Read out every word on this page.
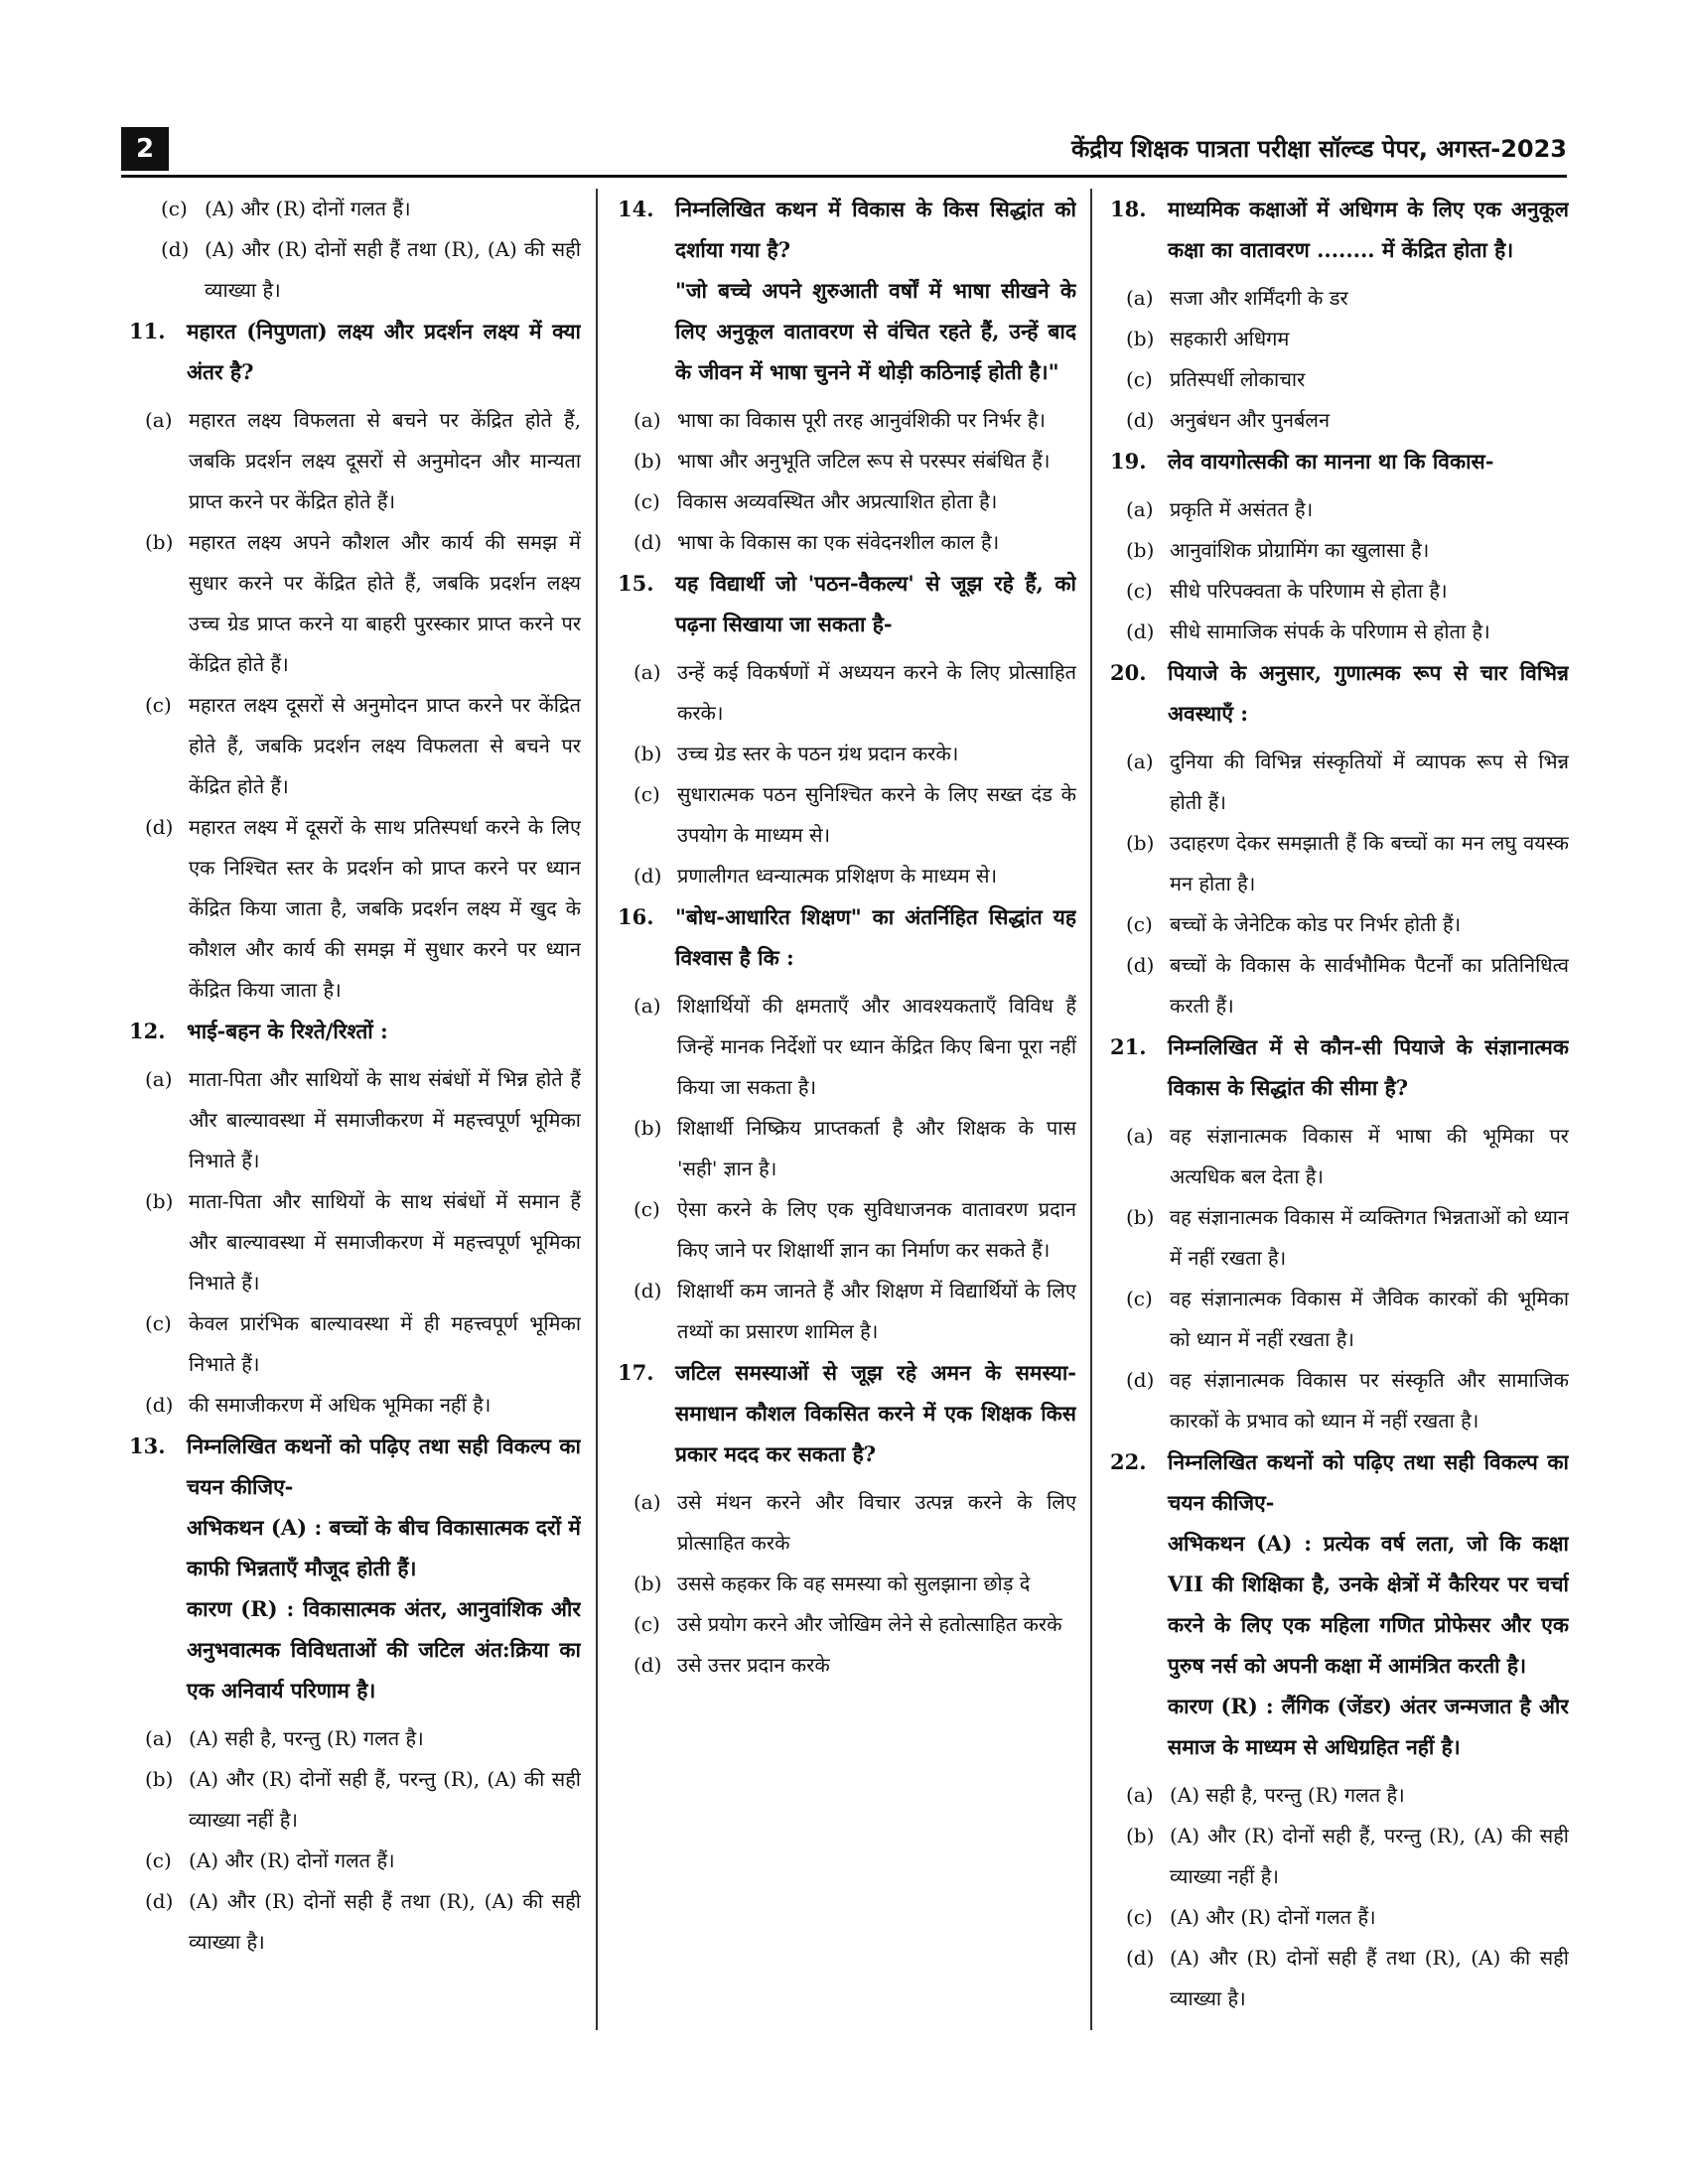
2	केंद्रीय शिक्षक पात्रता परीक्षा सॉल्व्ड पेपर, अगस्त-2023
(c) (A) और (R) दोनों गलत हैं।
(d) (A) और (R) दोनों सही हैं तथा (R), (A) की सही व्याख्या है।
11. महारत (निपुणता) लक्ष्य और प्रदर्शन लक्ष्य में क्या अंतर है?
(a) महारत लक्ष्य विफलता से बचने पर केंद्रित होते हैं, जबकि प्रदर्शन लक्ष्य दूसरों से अनुमोदन और मान्यता प्राप्त करने पर केंद्रित होते हैं।
(b) महारत लक्ष्य अपने कौशल और कार्य की समझ में सुधार करने पर केंद्रित होते हैं, जबकि प्रदर्शन लक्ष्य उच्च ग्रेड प्राप्त करने या बाहरी पुरस्कार प्राप्त करने पर केंद्रित होते हैं।
(c) महारत लक्ष्य दूसरों से अनुमोदन प्राप्त करने पर केंद्रित होते हैं, जबकि प्रदर्शन लक्ष्य विफलता से बचने पर केंद्रित होते हैं।
(d) महारत लक्ष्य में दूसरों के साथ प्रतिस्पर्धा करने के लिए एक निश्चित स्तर के प्रदर्शन को प्राप्त करने पर ध्यान केंद्रित किया जाता है, जबकि प्रदर्शन लक्ष्य में खुद के कौशल और कार्य की समझ में सुधार करने पर ध्यान केंद्रित किया जाता है।
12. भाई-बहन के रिश्ते/रिश्तों :
(a) माता-पिता और साथियों के साथ संबंधों में भिन्न होते हैं और बाल्यावस्था में समाजीकरण में महत्त्वपूर्ण भूमिका निभाते हैं।
(b) माता-पिता और साथियों के साथ संबंधों में समान हैं और बाल्यावस्था में समाजीकरण में महत्त्वपूर्ण भूमिका निभाते हैं।
(c) केवल प्रारंभिक बाल्यावस्था में ही महत्त्वपूर्ण भूमिका निभाते हैं।
(d) की समाजीकरण में अधिक भूमिका नहीं है।
13. निम्नलिखित कथनों को पढ़िए तथा सही विकल्प का चयन कीजिए-
अभिकथन (A) : बच्चों के बीच विकासात्मक दरों में काफी भिन्नताएँ मौजूद होती हैं।
कारण (R) : विकासात्मक अंतर, आनुवांशिक और अनुभवात्मक विविधताओं की जटिल अंत:क्रिया का एक अनिवार्य परिणाम है।
(a) (A) सही है, परन्तु (R) गलत है।
(b) (A) और (R) दोनों सही हैं, परन्तु (R), (A) की सही व्याख्या नहीं है।
(c) (A) और (R) दोनों गलत हैं।
(d) (A) और (R) दोनों सही हैं तथा (R), (A) की सही व्याख्या है।
14. निम्नलिखित कथन में विकास के किस सिद्धांत को दर्शाया गया है?
"जो बच्चे अपने शुरुआती वर्षों में भाषा सीखने के लिए अनुकूल वातावरण से वंचित रहते हैं, उन्हें बाद के जीवन में भाषा चुनने में थोड़ी कठिनाई होती है।"
(a) भाषा का विकास पूरी तरह आनुवंशिकी पर निर्भर है।
(b) भाषा और अनुभूति जटिल रूप से परस्पर संबंधित हैं।
(c) विकास अव्यवस्थित और अप्रत्याशित होता है।
(d) भाषा के विकास का एक संवेदनशील काल है।
15. यह विद्यार्थी जो 'पठन-वैकल्य' से जूझ रहे हैं, को पढ़ना सिखाया जा सकता है-
(a) उन्हें कई विकर्षणों में अध्ययन करने के लिए प्रोत्साहित करके।
(b) उच्च ग्रेड स्तर के पठन ग्रंथ प्रदान करके।
(c) सुधारात्मक पठन सुनिश्चित करने के लिए सख्त दंड के उपयोग के माध्यम से।
(d) प्रणालीगत ध्वन्यात्मक प्रशिक्षण के माध्यम से।
16. "बोध-आधारित शिक्षण" का अंतर्निहित सिद्धांत यह विश्वास है कि :
(a) शिक्षार्थियों की क्षमताएँ और आवश्यकताएँ विविध हैं जिन्हें मानक निर्देशों पर ध्यान केंद्रित किए बिना पूरा नहीं किया जा सकता है।
(b) शिक्षार्थी निष्क्रिय प्राप्तकर्ता है और शिक्षक के पास 'सही' ज्ञान है।
(c) ऐसा करने के लिए एक सुविधाजनक वातावरण प्रदान किए जाने पर शिक्षार्थी ज्ञान का निर्माण कर सकते हैं।
(d) शिक्षार्थी कम जानते हैं और शिक्षण में विद्यार्थियों के लिए तथ्यों का प्रसारण शामिल है।
17. जटिल समस्याओं से जूझ रहे अमन के समस्या-समाधान कौशल विकसित करने में एक शिक्षक किस प्रकार मदद कर सकता है?
(a) उसे मंथन करने और विचार उत्पन्न करने के लिए प्रोत्साहित करके
(b) उससे कहकर कि वह समस्या को सुलझाना छोड़ दे
(c) उसे प्रयोग करने और जोखिम लेने से हतोत्साहित करके
(d) उसे उत्तर प्रदान करके
18. माध्यमिक कक्षाओं में अधिगम के लिए एक अनुकूल कक्षा का वातावरण ........ में केंद्रित होता है।
(a) सजा और शर्मिंदगी के डर
(b) सहकारी अधिगम
(c) प्रतिस्पर्धी लोकाचार
(d) अनुबंधन और पुनर्बलन
19. लेव वायगोत्सकी का मानना था कि विकास-
(a) प्रकृति में असंतत है।
(b) आनुवांशिक प्रोग्रामिंग का खुलासा है।
(c) सीधे परिपक्वता के परिणाम से होता है।
(d) सीधे सामाजिक संपर्क के परिणाम से होता है।
20. पियाजे के अनुसार, गुणात्मक रूप से चार विभिन्न अवस्थाएँ :
(a) दुनिया की विभिन्न संस्कृतियों में व्यापक रूप से भिन्न होती हैं।
(b) उदाहरण देकर समझाती हैं कि बच्चों का मन लघु वयस्क मन होता है।
(c) बच्चों के जेनेटिक कोड पर निर्भर होती हैं।
(d) बच्चों के विकास के सार्वभौमिक पैटर्नों का प्रतिनिधित्व करती हैं।
21. निम्नलिखित में से कौन-सी पियाजे के संज्ञानात्मक विकास के सिद्धांत की सीमा है?
(a) वह संज्ञानात्मक विकास में भाषा की भूमिका पर अत्यधिक बल देता है।
(b) वह संज्ञानात्मक विकास में व्यक्तिगत भिन्नताओं को ध्यान में नहीं रखता है।
(c) वह संज्ञानात्मक विकास में जैविक कारकों की भूमिका को ध्यान में नहीं रखता है।
(d) वह संज्ञानात्मक विकास पर संस्कृति और सामाजिक कारकों के प्रभाव को ध्यान में नहीं रखता है।
22. निम्नलिखित कथनों को पढ़िए तथा सही विकल्प का चयन कीजिए-
अभिकथन (A) : प्रत्येक वर्ष लता, जो कि कक्षा VII की शिक्षिका है, उनके क्षेत्रों में कैरियर पर चर्चा करने के लिए एक महिला गणित प्रोफेसर और एक पुरुष नर्स को अपनी कक्षा में आमंत्रित करती है।
कारण (R) : लैंगिक (जेंडर) अंतर जन्मजात है और समाज के माध्यम से अधिग्रहित नहीं है।
(a) (A) सही है, परन्तु (R) गलत है।
(b) (A) और (R) दोनों सही हैं, परन्तु (R), (A) की सही व्याख्या नहीं है।
(c) (A) और (R) दोनों गलत हैं।
(d) (A) और (R) दोनों सही हैं तथा (R), (A) की सही व्याख्या है।
